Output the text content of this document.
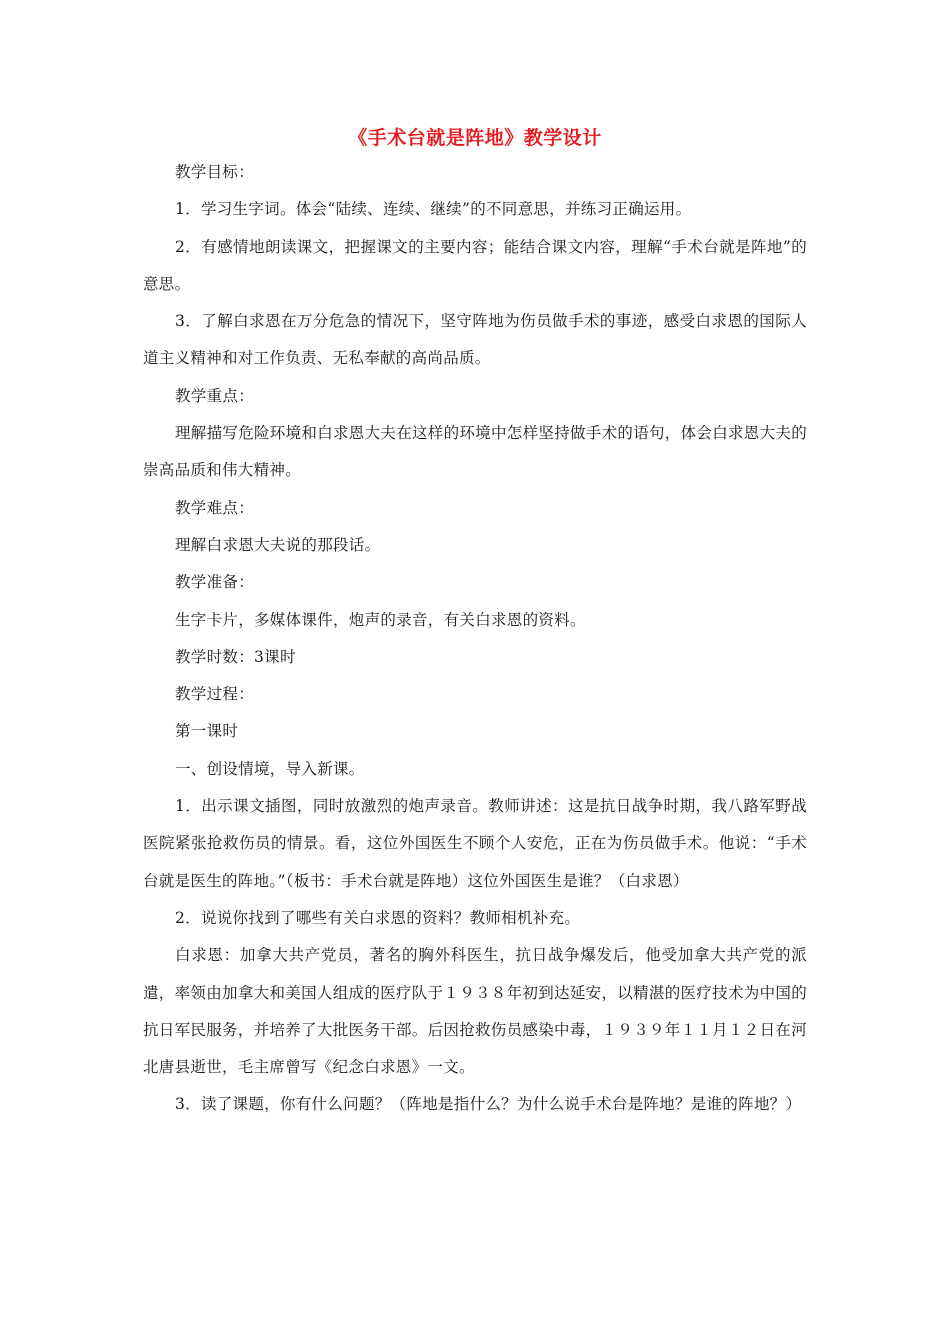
《手术台就是阵地》教学设计

教学目标：

1．学习生字词。体会“陆续、连续、继续”的不同意思，并练习正确运用。

2．有感情地朗读课文，把握课文的主要内容；能结合课文内容，理解“手术台就是阵地”的意思。

3．了解白求恩在万分危急的情况下，坚守阵地为伤员做手术的事迹，感受白求恩的国际人道主义精神和对工作负责、无私奉献的高尚品质。

教学重点：

理解描写危险环境和白求恩大夫在这样的环境中怎样坚持做手术的语句，体会白求恩大夫的崇高品质和伟大精神。

教学难点：

理解白求恩大夫说的那段话。

教学准备：

生字卡片，多媒体课件，炮声的录音，有关白求恩的资料。

教学时数：3课时

教学过程：

第一课时

一、创设情境，导入新课。

1．出示课文插图，同时放激烈的炮声录音。教师讲述：这是抗日战争时期，我八路军野战医院紧张抢救伤员的情景。看，这位外国医生不顾个人安危，正在为伤员做手术。他说：“手术台就是医生的阵地。”（板书：手术台就是阵地）这位外国医生是谁？（白求恩）

2．说说你找到了哪些有关白求恩的资料？教师相机补充。

白求恩：加拿大共产党员，著名的胸外科医生，抗日战争爆发后，他受加拿大共产党的派遣，率领由加拿大和美国人组成的医疗队于１９３８年初到达延安，以精湛的医疗技术为中国的抗日军民服务，并培养了大批医务干部。后因抢救伤员感染中毒，１９３９年１１月１２日在河北唐县逝世，毛主席曾写《纪念白求恩》一文。

3．读了课题，你有什么问题？（阵地是指什么？为什么说手术台是阵地？是谁的阵地？）
